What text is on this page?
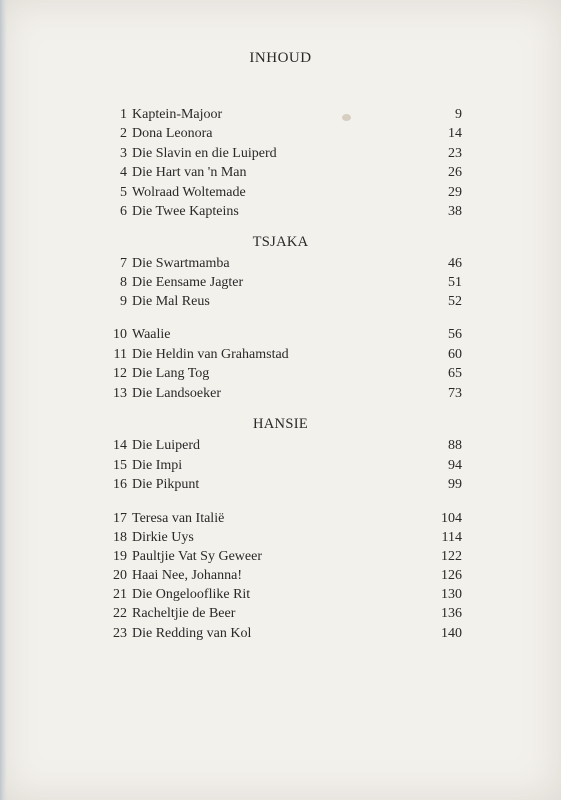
INHOUD
1 Kaptein-Majoor	9
2 Dona Leonora	14
3 Die Slavin en die Luiperd	23
4 Die Hart van 'n Man	26
5 Wolraad Woltemade	29
6 Die Twee Kapteins	38
TSJAKA
7 Die Swartmamba	46
8 Die Eensame Jagter	51
9 Die Mal Reus	52
10 Waalie	56
11 Die Heldin van Grahamstad	60
12 Die Lang Tog	65
13 Die Landsoeker	73
HANSIE
14 Die Luiperd	88
15 Die Impi	94
16 Die Pikpunt	99
17 Teresa van Italië	104
18 Dirkie Uys	114
19 Paultjie Vat Sy Geweer	122
20 Haai Nee, Johanna!	126
21 Die Ongelooflike Rit	130
22 Racheltjie de Beer	136
23 Die Redding van Kol	140
